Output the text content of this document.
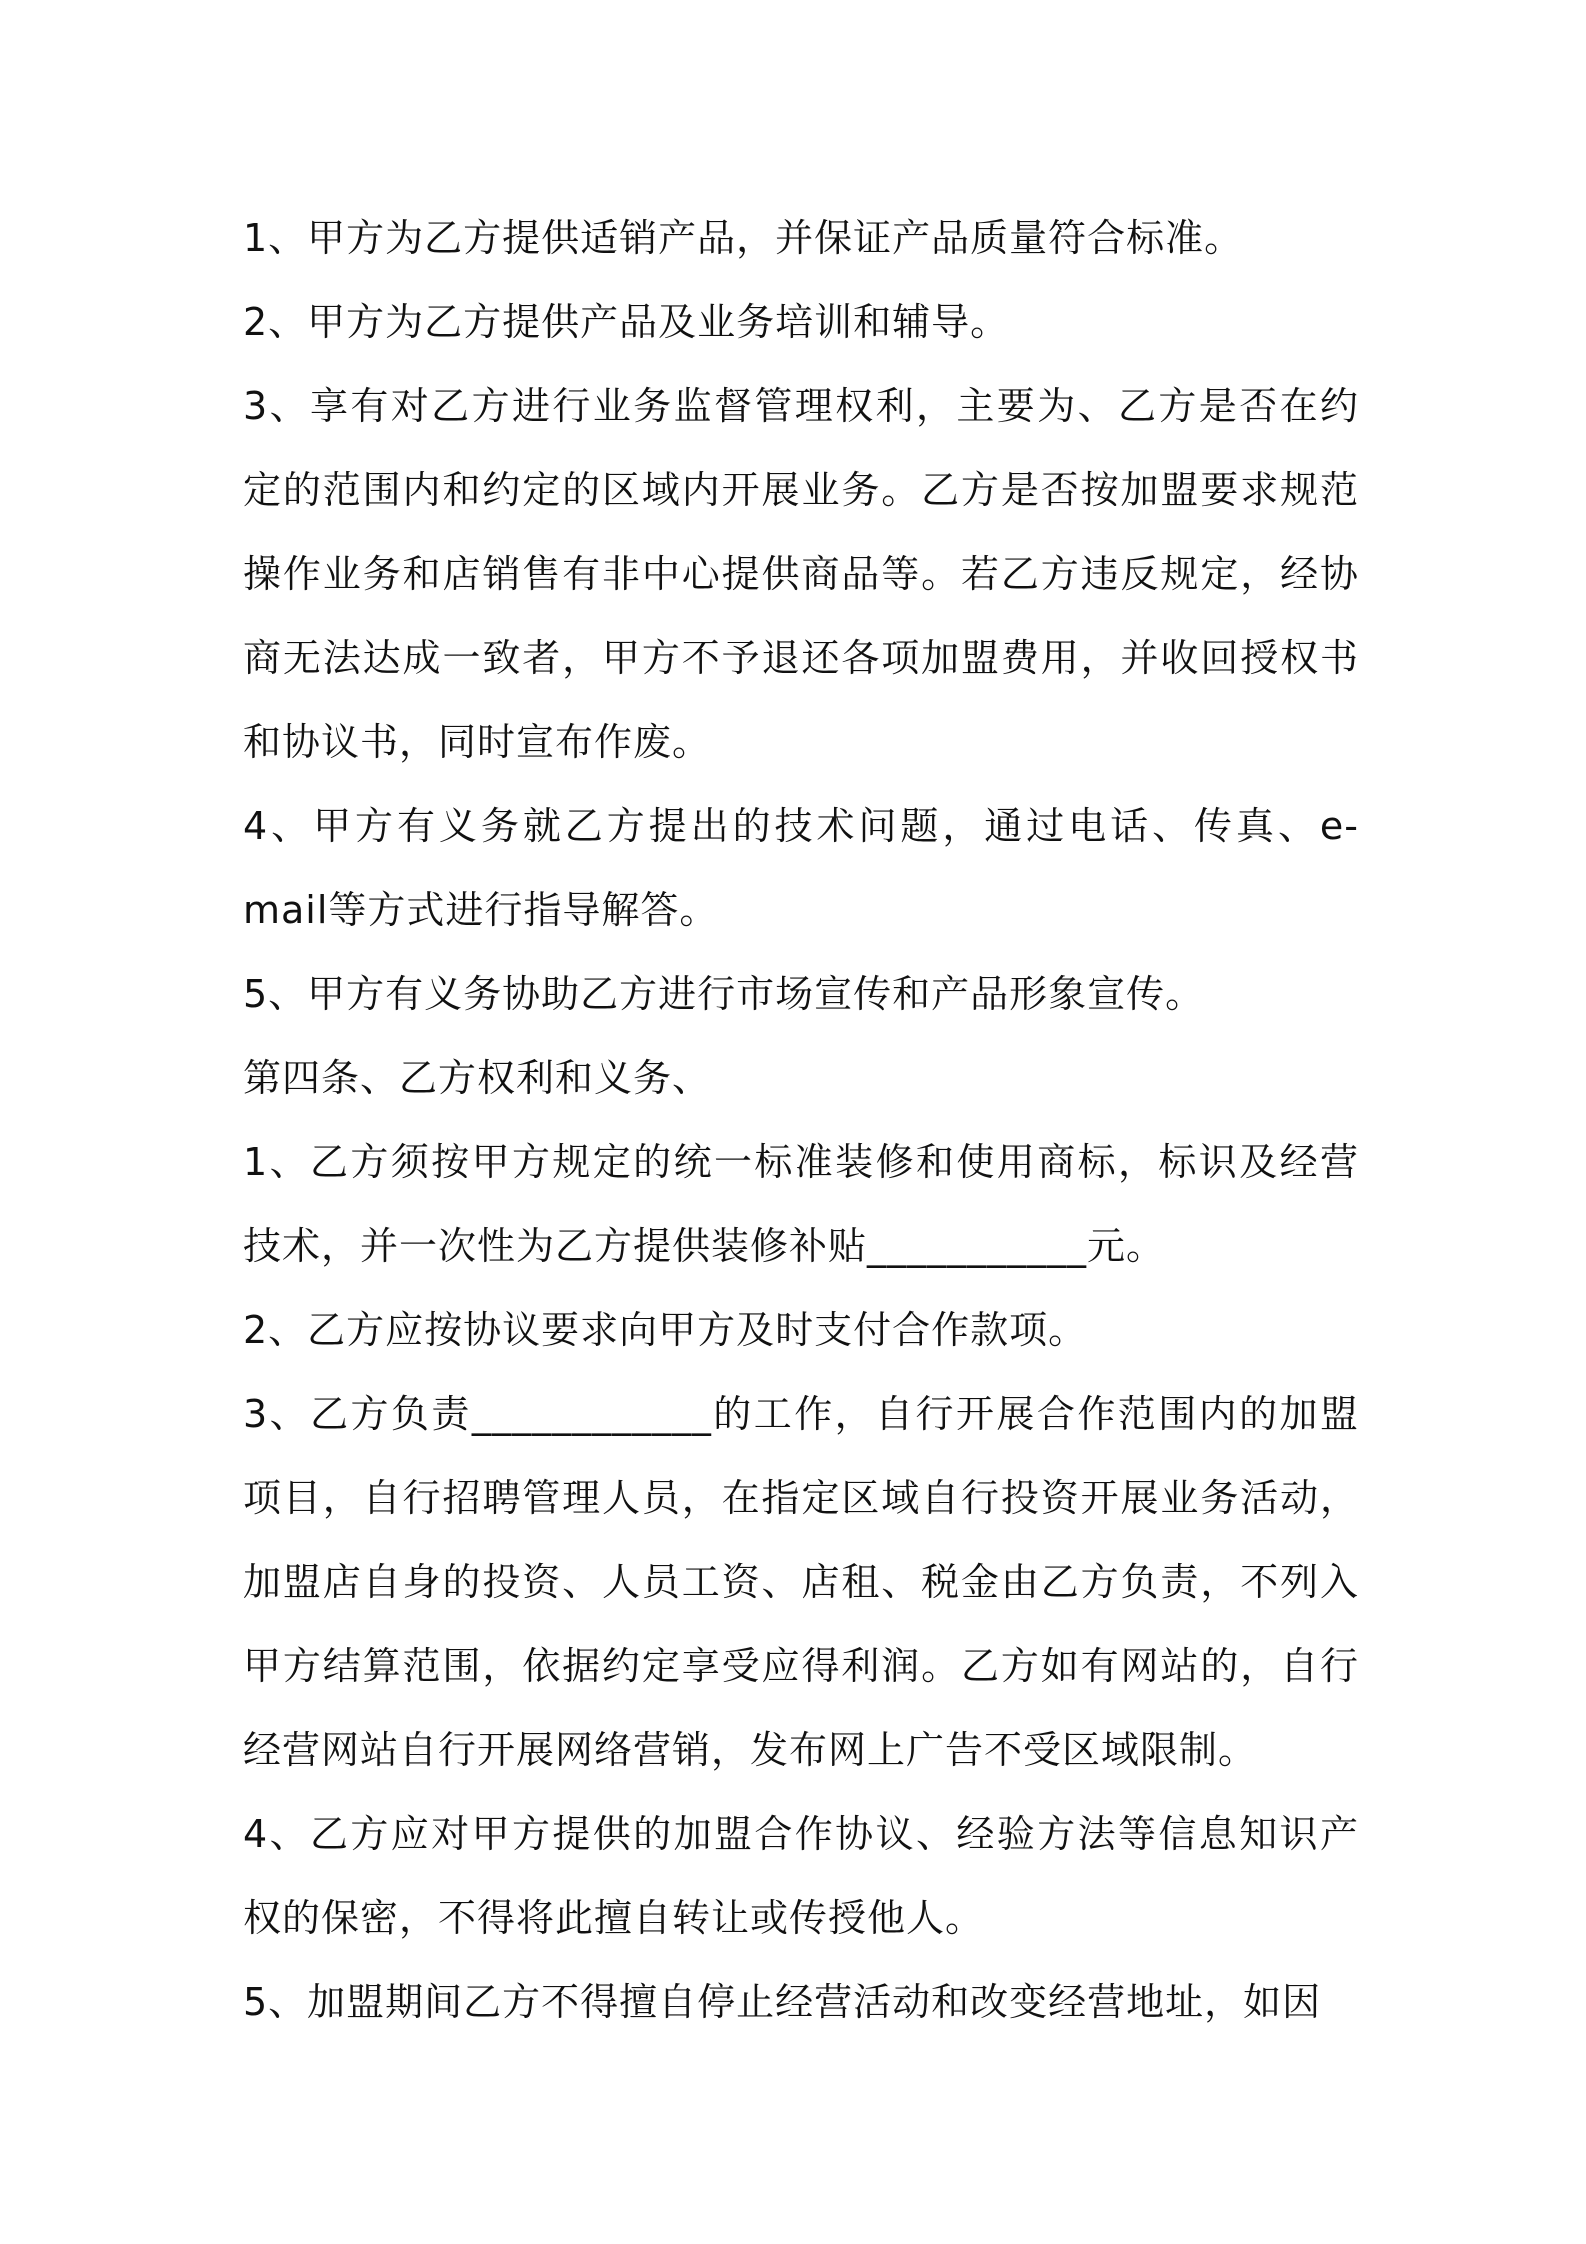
1、甲方为乙方提供适销产品，并保证产品质量符合标准。

2、甲方为乙方提供产品及业务培训和辅导。

3、享有对乙方进行业务监督管理权利，主要为、乙方是否在约定的范围内和约定的区域内开展业务。乙方是否按加盟要求规范操作业务和店销售有非中心提供商品等。若乙方违反规定，经协商无法达成一致者，甲方不予退还各项加盟费用，并收回授权书和协议书，同时宣布作废。

4、甲方有义务就乙方提出的技术问题，通过电话、传真、e-mail等方式进行指导解答。

5、甲方有义务协助乙方进行市场宣传和产品形象宣传。

第四条、乙方权利和义务、

1、乙方须按甲方规定的统一标准装修和使用商标，标识及经营技术，并一次性为乙方提供装修补贴___________元。

2、乙方应按协议要求向甲方及时支付合作款项。

3、乙方负责____________的工作，自行开展合作范围内的加盟项目，自行招聘管理人员，在指定区域自行投资开展业务活动，加盟店自身的投资、人员工资、店租、税金由乙方负责，不列入甲方结算范围，依据约定享受应得利润。乙方如有网站的，自行经营网站自行开展网络营销，发布网上广告不受区域限制。

4、乙方应对甲方提供的加盟合作协议、经验方法等信息知识产权的保密，不得将此擅自转让或传授他人。

5、加盟期间乙方不得擅自停止经营活动和改变经营地址，如因
